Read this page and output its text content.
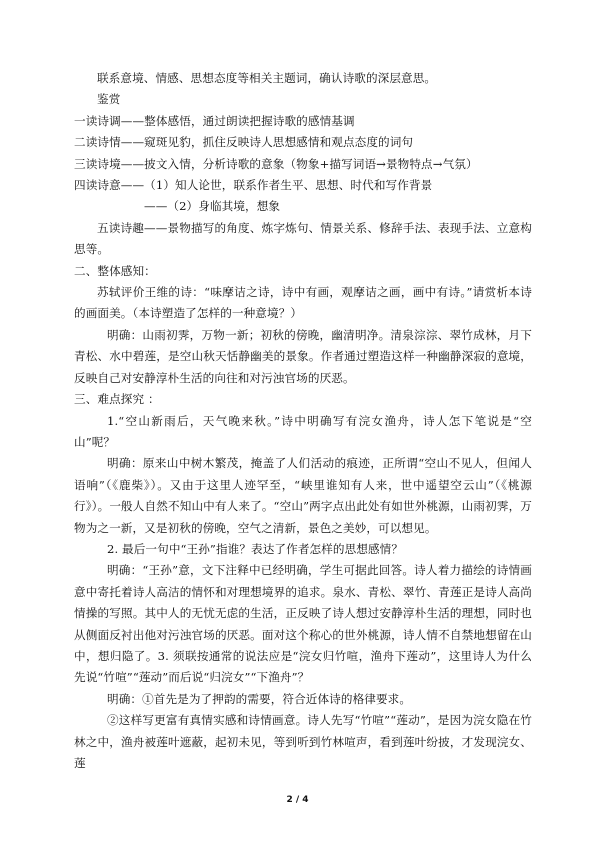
联系意境、情感、思想态度等相关主题词，确认诗歌的深层意思。

鉴赏

一读诗调——整体感悟，通过朗读把握诗歌的感情基调

二读诗情——窥斑见豹，抓住反映诗人思想感情和观点态度的词句

三读诗境——披文入情，分析诗歌的意象（物象+描写词语→景物特点→气氛）

四读诗意——（1）知人论世，联系作者生平、思想、时代和写作背景

——（2）身临其境，想象

五读诗趣——景物描写的角度、炼字炼句、情景关系、修辞手法、表现手法、立意构思等。

二、整体感知：

苏轼评价王维的诗：“味摩诘之诗，诗中有画，观摩诘之画，画中有诗。”请赏析本诗的画面美。（本诗塑造了怎样的一种意境？）

明确：山雨初霁，万物一新；初秋的傍晚，幽清明净。清泉淙淙、翠竹成林，月下青松、水中碧莲，是空山秋天恬静幽美的景象。作者通过塑造这样一种幽静深寂的意境，反映自己对安静淳朴生活的向往和对污浊官场的厌恶。

三、难点探究 ：

1.“空山新雨后，天气晚来秋。”诗中明确写有浣女渔舟，诗人怎下笔说是“空山”呢？

明确：原来山中树木繁茂，掩盖了人们活动的痕迹，正所谓“空山不见人，但闻人语响”（《鹿柴》）。又由于这里人迹罕至，“峡里谁知有人来，世中遥望空云山”（《桃源行》）。一般人自然不知山中有人来了。“空山”两字点出此处有如世外桃源，山雨初霁，万物为之一新，又是初秋的傍晚，空气之清新，景色之美妙，可以想见。

2. 最后一句中“王孙”指谁？表达了作者怎样的思想感情？

明确：“王孙”意，文下注释中已经明确，学生可据此回答。诗人着力描绘的诗情画意中寄托着诗人高洁的情怀和对理想境界的追求。泉水、青松、翠竹、青莲正是诗人高尚情操的写照。其中人的无忧无虑的生活，正反映了诗人想过安静淳朴生活的理想，同时也从侧面反衬出他对污浊官场的厌恶。面对这个称心的世外桃源，诗人情不自禁地想留在山中，想归隐了。3. 须联按通常的说法应是“浣女归竹喧，渔舟下莲动”，这里诗人为什么先说“竹喧”“莲动”而后说“归浣女”“下渔舟”？

明确：①首先是为了押韵的需要，符合近体诗的格律要求。

②这样写更富有真情实感和诗情画意。诗人先写“竹喧”“莲动”，是因为浣女隐在竹林之中，渔舟被莲叶遮蔽，起初未见，等到听到竹林喧声，看到莲叶纷披，才发现浣女、莲

2 / 4
